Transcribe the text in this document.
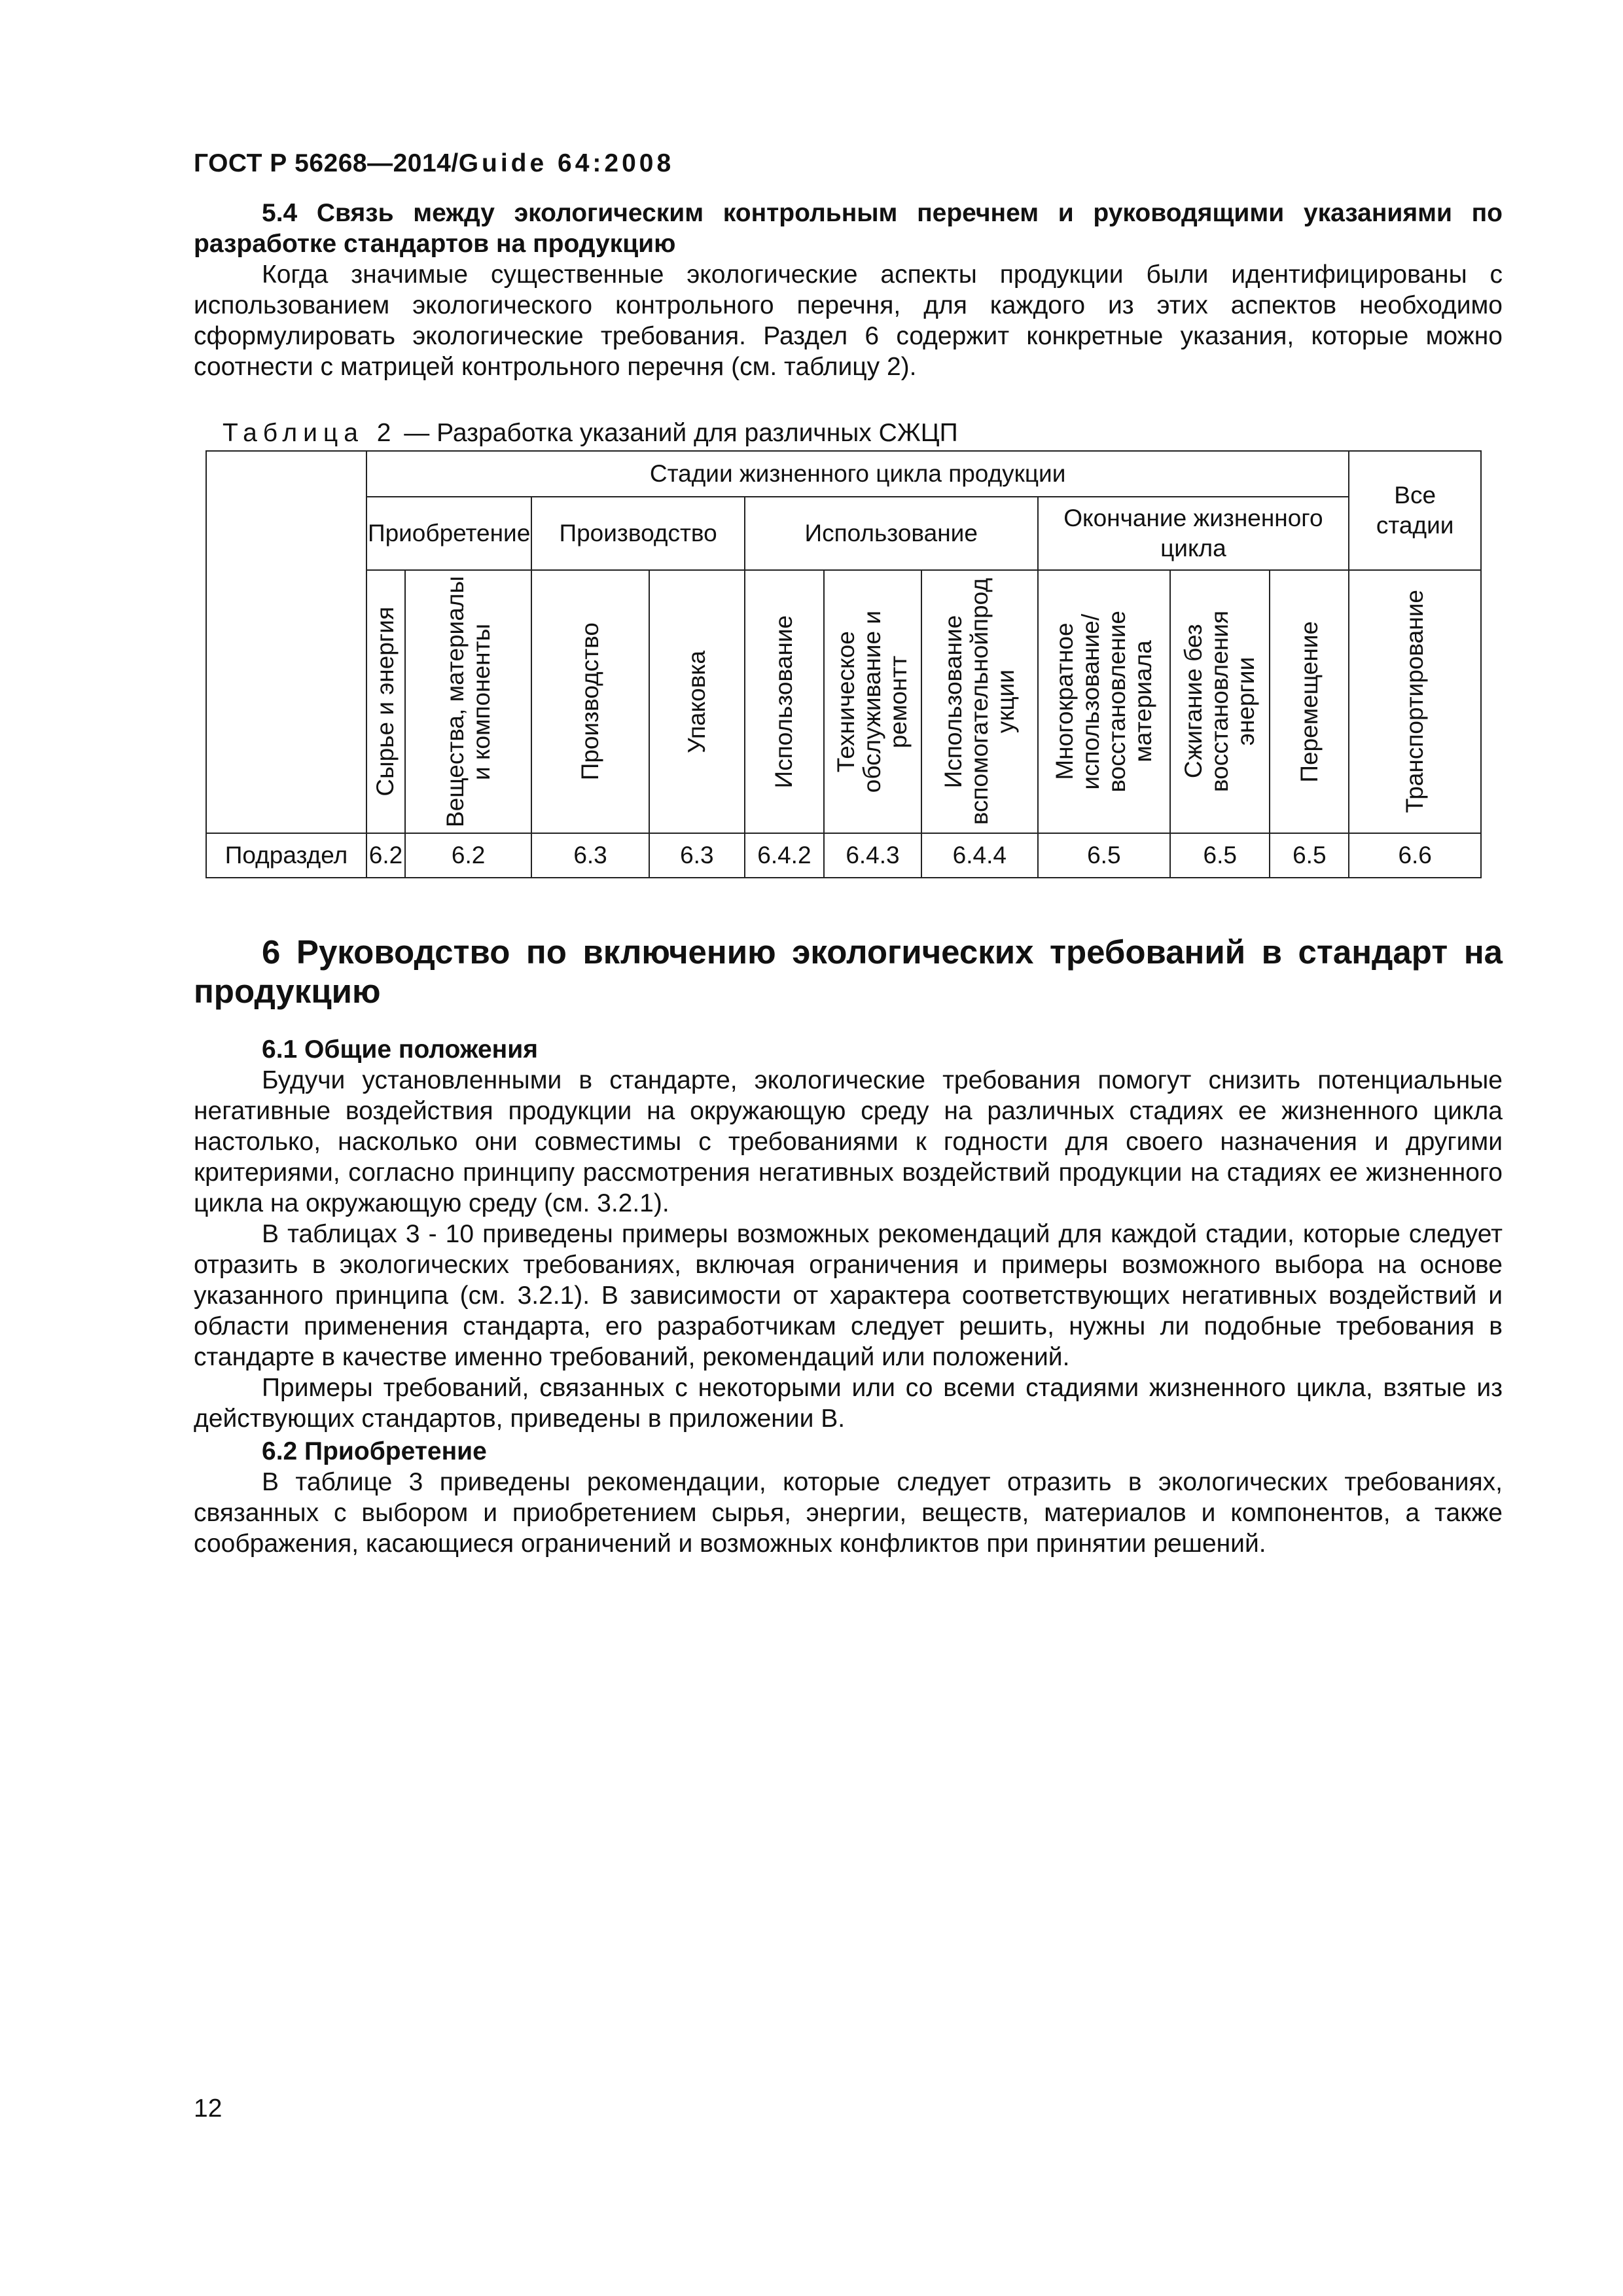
ГОСТ Р 56268—2014/Guide 64:2008
5.4 Связь между экологическим контрольным перечнем и руководящими указаниями по разработке стандартов на продукцию

Когда значимые существенные экологические аспекты продукции были идентифицированы с использованием экологического контрольного перечня, для каждого из этих аспектов необходимо сформулировать экологические требования. Раздел 6 содержит конкретные указания, которые можно соотнести с матрицей контрольного перечня (см. таблицу 2).

Таблица 2 — Разработка указаний для различных СЖЦП
	Стадии жизненного цикла продукции										Все
стадии

	Приобретение		Производство		Использование			Окончание жизненного
цикла			

	Сырье и энергия	Вещества, материалы
и компоненты	Производство	Упаковка	Использование	Техническое
обслуживание и
ремонтт	Использование
вспомогательнойпрод
укции	Многократное
использование/
восстановление
материала	Сжигание без
восстановления
энергии	Перемещение	Транспортирование

Подраздел	6.2	6.2	6.3	6.3	6.4.2	6.4.3	6.4.4	6.5	6.5	6.5	6.6
6 Руководство по включению экологических требований в стандарт на продукцию
6.1 Общие положения

Будучи установленными в стандарте, экологические требования помогут снизить потенциальные негативные воздействия продукции на окружающую среду на различных стадиях ее жизненного цикла настолько, насколько они совместимы с требованиями к годности для своего назначения и другими критериями, согласно принципу рассмотрения негативных воздействий продукции на стадиях ее жизненного цикла на окружающую среду (см. 3.2.1).

В таблицах 3 - 10 приведены примеры возможных рекомендаций для каждой стадии, которые следует отразить в экологических требованиях, включая ограничения и примеры возможного выбора на основе указанного принципа (см. 3.2.1). В зависимости от характера соответствующих негативных воздействий и области применения стандарта, его разработчикам следует решить, нужны ли подобные требования в стандарте в качестве именно требований, рекомендаций или положений.

Примеры требований, связанных с некоторыми или со всеми стадиями жизненного цикла, взятые из действующих стандартов, приведены в приложении В.

6.2 Приобретение

В таблице 3 приведены рекомендации, которые следует отразить в экологических требованиях, связанных с выбором и приобретением сырья, энергии, веществ, материалов и компонентов, а также соображения, касающиеся ограничений и возможных конфликтов при принятии решений.

12
